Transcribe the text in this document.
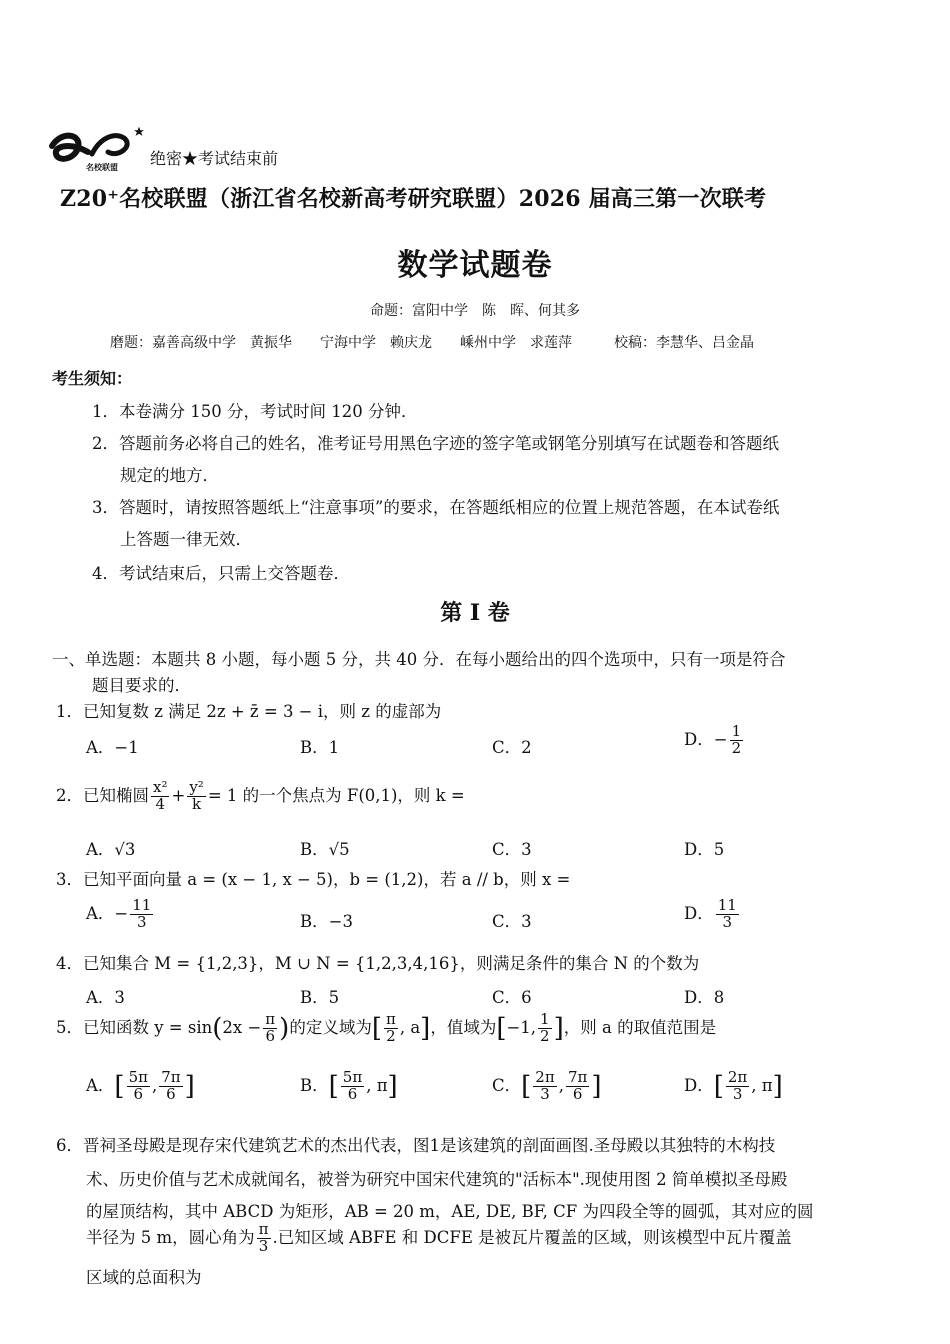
名校联盟 绝密★考试结束前
Z20⁺名校联盟（浙江省名校新高考研究联盟）2026 届高三第一次联考
数学试题卷
命题：富阳中学　陈　晖、何其多
磨题：嘉善高级中学　黄振华　　宁海中学　赖庆龙　　嵊州中学　求莲萍　　　校稿：李慧华、吕金晶
考生须知：
1．本卷满分 150 分，考试时间 120 分钟．
2．答题前务必将自己的姓名，准考证号用黑色字迹的签字笔或钢笔分别填写在试题卷和答题纸
规定的地方．
3．答题时，请按照答题纸上“注意事项”的要求，在答题纸相应的位置上规范答题，在本试卷纸
上答题一律无效．
4．考试结束后，只需上交答题卷．
第 I 卷
一、单选题：本题共 8 小题，每小题 5 分，共 40 分．在每小题给出的四个选项中，只有一项是符合
题目要求的．
1．已知复数 z 满足 2z + z̄ = 3 − i，则 z 的虚部为
A．−1	B．1	C．2	D．− $\frac{1}{2}$
2．已知椭圆 $\frac{\text{x²}}{4} + \frac{\text{y²}}{k} = 1$ 的一个焦点为 F(0,1)，则 k =
A．√3	B．√5	C．3	D．5
3．已知平面向量 a = (x − 1, x − 5)，b = (1,2)，若 a // b，则 x =
A．− $\frac{11}{3}$	B．−3	C．3	D． $\frac{11}{3}$
4．已知集合 M = {1,2,3}，M ∪ N = {1,2,3,4,16}，则满足条件的集合 N 的个数为
A．3	B．5	C．6	D．8
5．已知函数 $y = \sin(2x - \frac{\pi}{6}$ )的定义域为[ $\frac{\pi}{2}$ , a]，值域为[−1, $\frac{1}{2}$ ]，则 a 的取值范围是
A．[ $\frac{5\pi}{6}$ , $\frac{7\pi}{6}$ ]	B．[ $\frac{5\pi}{6}$ , π]	C．[ $\frac{2\pi}{3}$ , $\frac{7\pi}{6}$ ]	D．[ $\frac{2\pi}{3}$ , π]
6．晋祠圣母殿是现存宋代建筑艺术的杰出代表，图1是该建筑的剖面画图.圣母殿以其独特的木构技
术、历史价值与艺术成就闻名，被誉为研究中国宋代建筑的"活标本".现使用图 2 简单模拟圣母殿
的屋顶结构，其中 ABCD 为矩形，AB = 20 m，AE, DE, BF, CF 为四段全等的圆弧，其对应的圆
半径为 5 m，圆心角为 $\frac{\pi}{3}$ .已知区域 ABFE 和 DCFE 是被瓦片覆盖的区域，则该模型中瓦片覆盖
区域的总面积为
